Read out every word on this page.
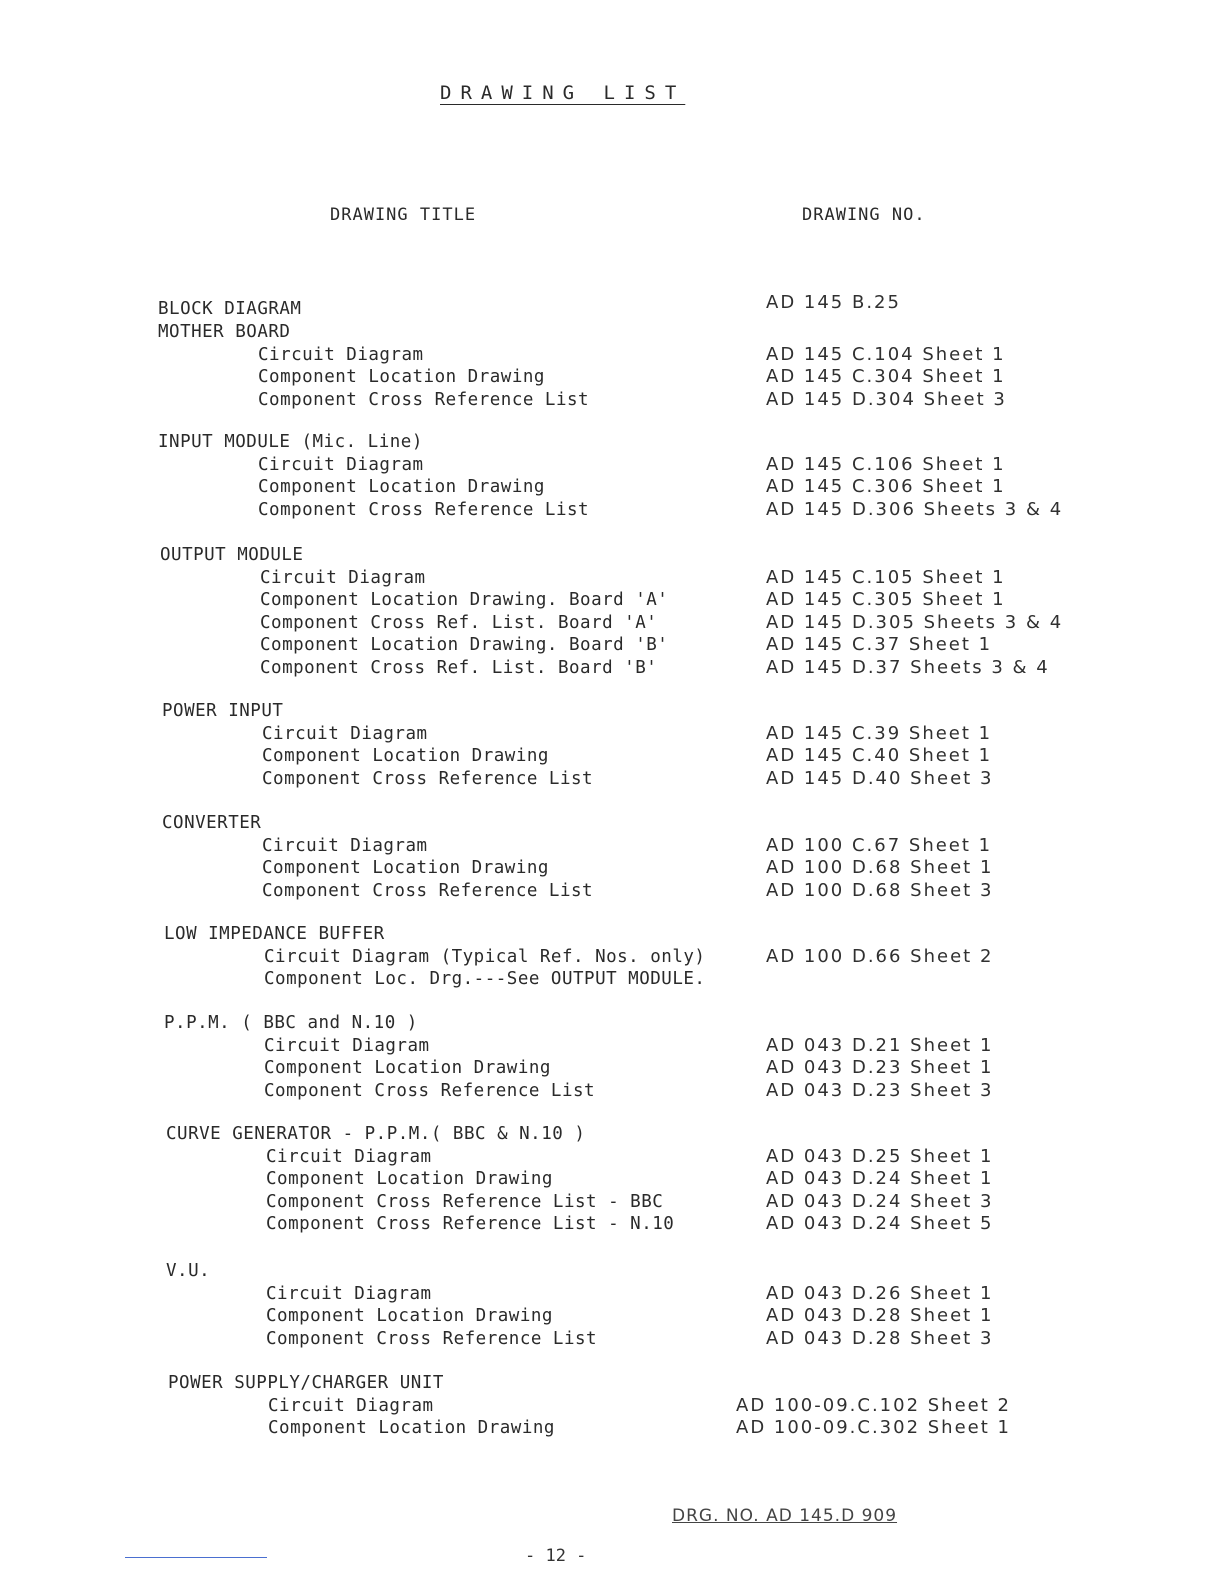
DRAWING LIST
DRAWING TITLE	DRAWING NO.
BLOCK DIAGRAM	AD 145 B.25
MOTHER BOARD
Circuit Diagram	AD 145 C.104 Sheet 1
Component Location Drawing	AD 145 C.304 Sheet 1
Component Cross Reference List	AD 145 D.304 Sheet 3
INPUT MODULE (Mic. Line)
Circuit Diagram	AD 145 C.106 Sheet 1
Component Location Drawing	AD 145 C.306 Sheet 1
Component Cross Reference List	AD 145 D.306 Sheets 3 & 4
OUTPUT MODULE
Circuit Diagram	AD 145 C.105 Sheet 1
Component Location Drawing. Board 'A'	AD 145 C.305 Sheet 1
Component Cross Ref. List. Board 'A'	AD 145 D.305 Sheets 3 & 4
Component Location Drawing. Board 'B'	AD 145 C.37 Sheet 1
Component Cross Ref. List. Board 'B'	AD 145 D.37 Sheets 3 & 4
POWER INPUT
Circuit Diagram	AD 145 C.39 Sheet 1
Component Location Drawing	AD 145 C.40 Sheet 1
Component Cross Reference List	AD 145 D.40 Sheet 3
CONVERTER
Circuit Diagram	AD 100 C.67 Sheet 1
Component Location Drawing	AD 100 D.68 Sheet 1
Component Cross Reference List	AD 100 D.68 Sheet 3
LOW IMPEDANCE BUFFER
Circuit Diagram (Typical Ref. Nos. only)	AD 100 D.66 Sheet 2
Component Loc. Drg.---See OUTPUT MODULE.
P.P.M. ( BBC and N.10 )
Circuit Diagram	AD 043 D.21 Sheet 1
Component Location Drawing	AD 043 D.23 Sheet 1
Component Cross Reference List	AD 043 D.23 Sheet 3
CURVE GENERATOR - P.P.M.( BBC & N.10 )
Circuit Diagram	AD 043 D.25 Sheet 1
Component Location Drawing	AD 043 D.24 Sheet 1
Component Cross Reference List - BBC	AD 043 D.24 Sheet 3
Component Cross Reference List - N.10	AD 043 D.24 Sheet 5
V.U.
Circuit Diagram	AD 043 D.26 Sheet 1
Component Location Drawing	AD 043 D.28 Sheet 1
Component Cross Reference List	AD 043 D.28 Sheet 3
POWER SUPPLY/CHARGER UNIT
Circuit Diagram	AD 100-09.C.102 Sheet 2
Component Location Drawing	AD 100-09.C.302 Sheet 1
DRG. NO. AD 145.D 909
- 12 -
